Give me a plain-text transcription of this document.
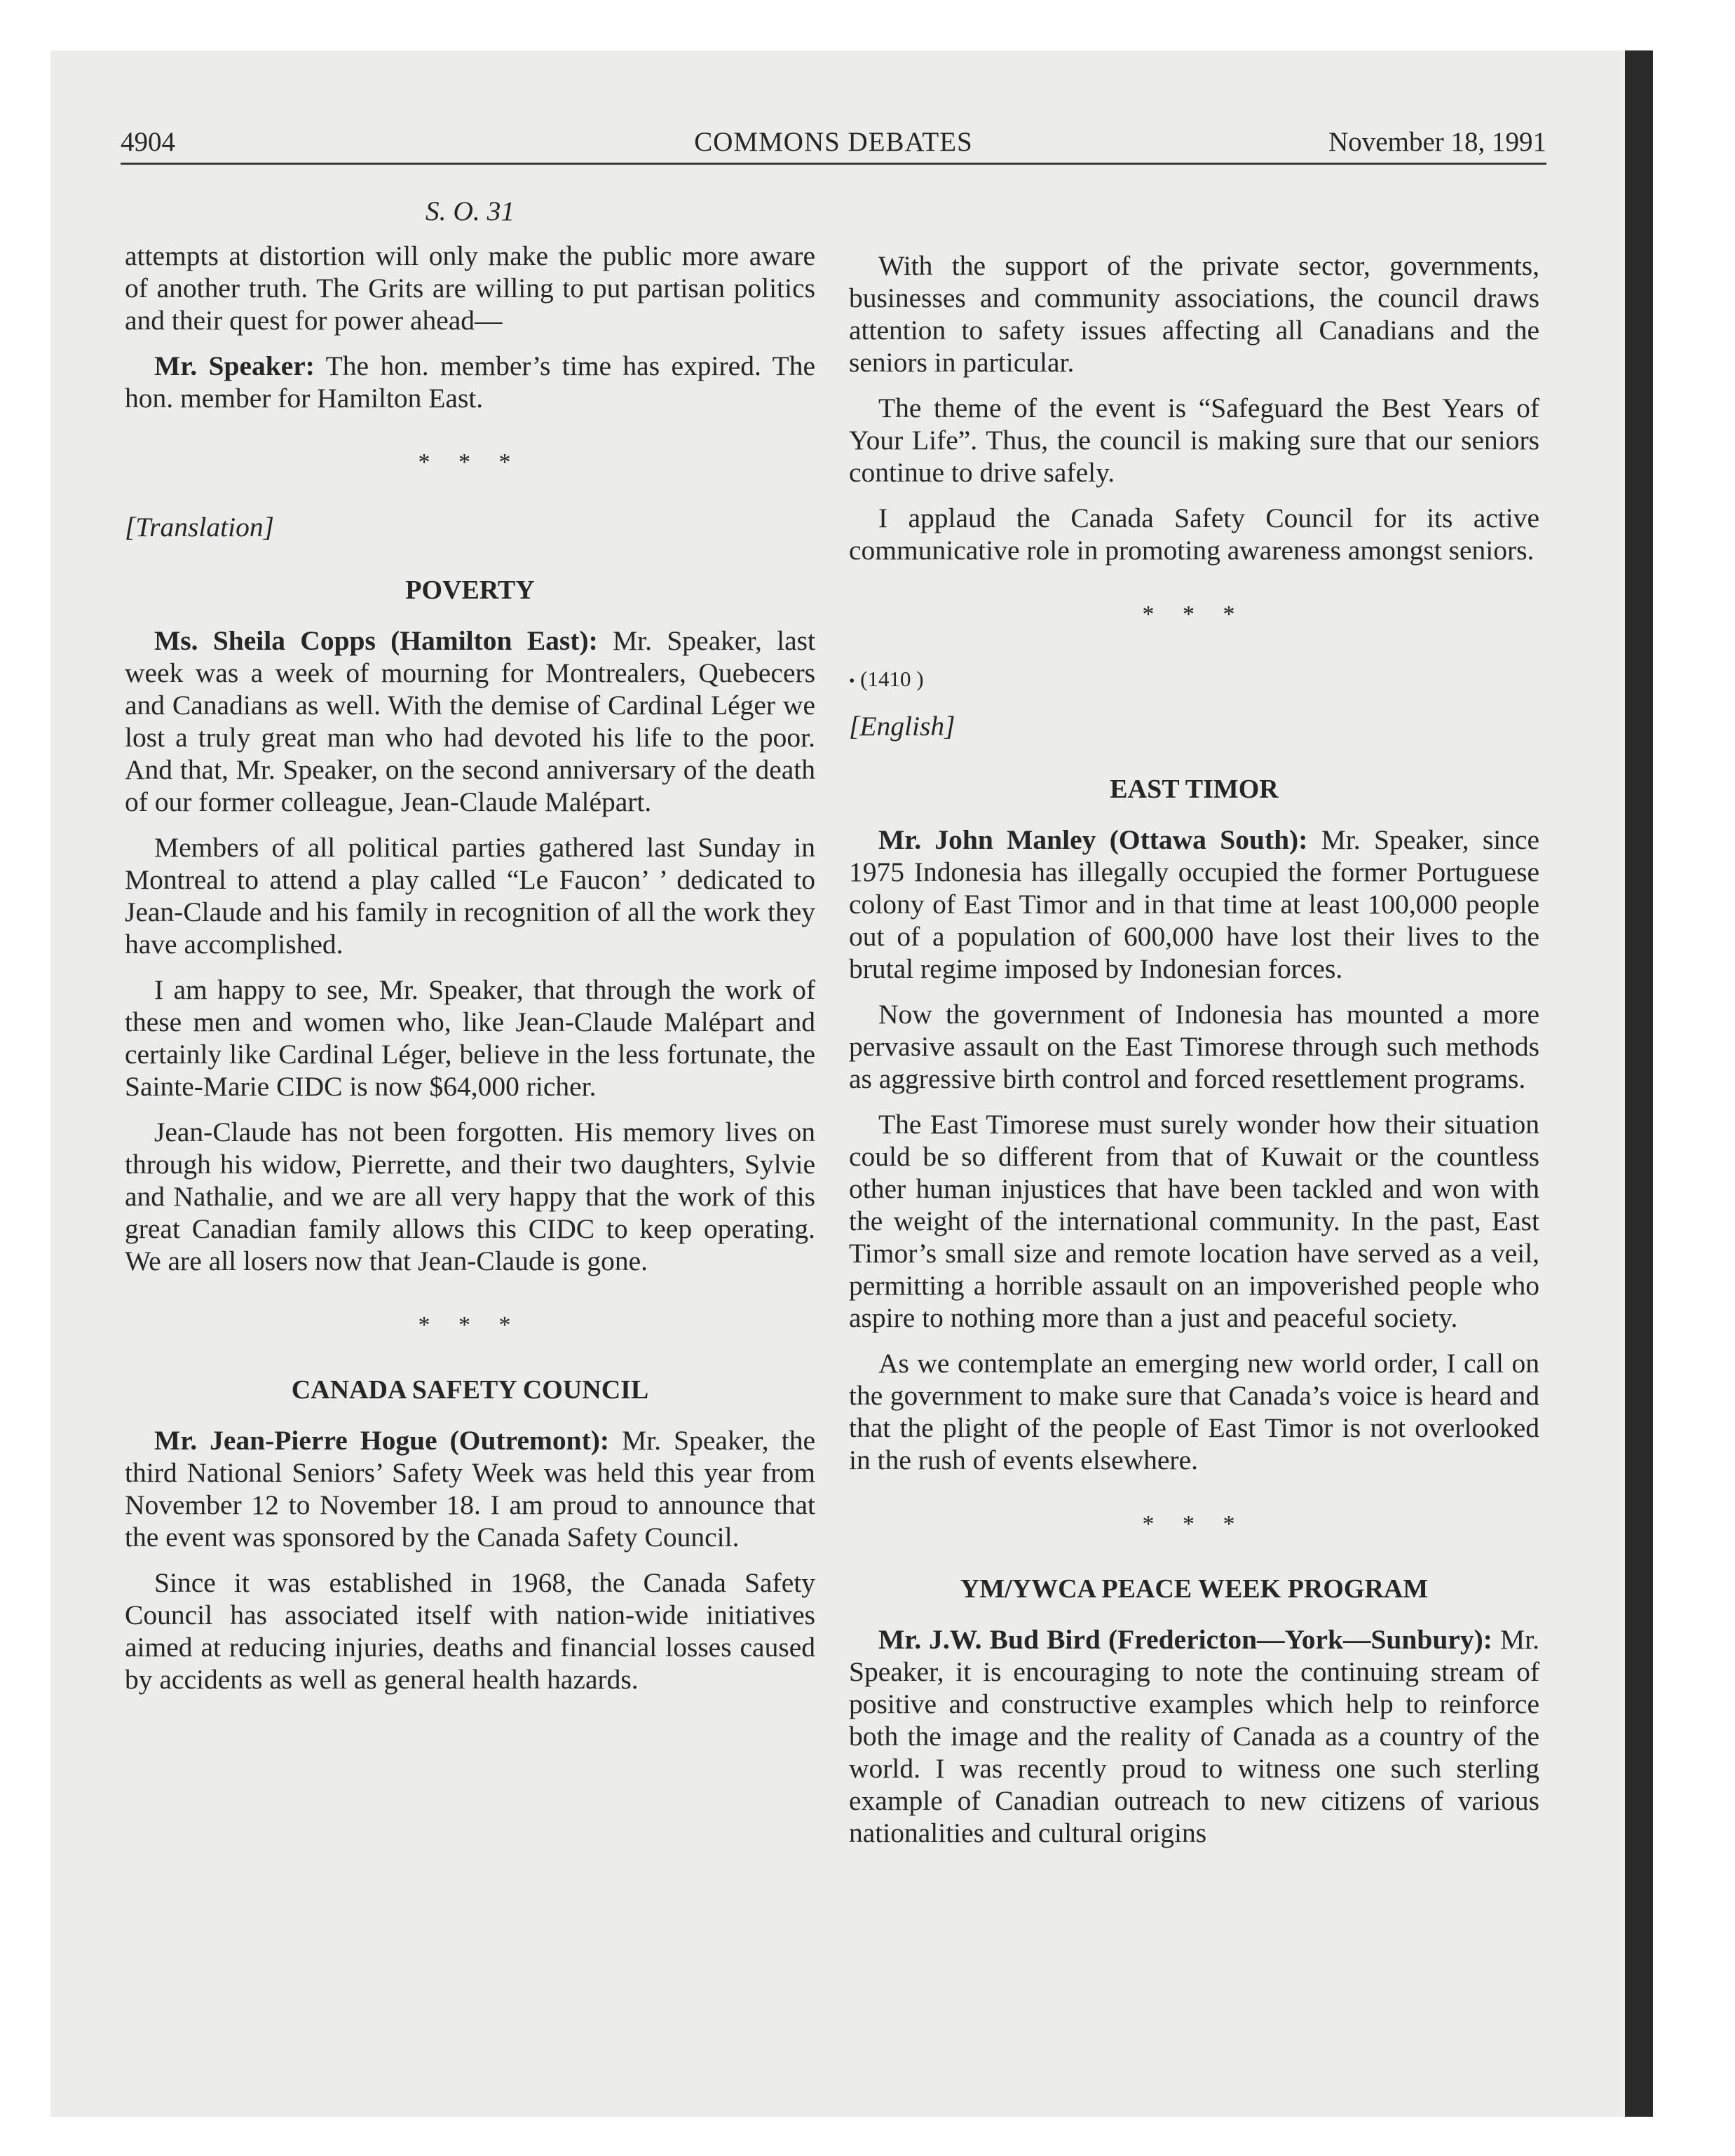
4904	COMMONS DEBATES	November 18, 1991
S. O. 31

attempts at distortion will only make the public more aware of another truth. The Grits are willing to put partisan politics and their quest for power ahead—

Mr. Speaker: The hon. member’s time has expired. The hon. member for Hamilton East.

* * *

[Translation]

POVERTY

Ms. Sheila Copps (Hamilton East): Mr. Speaker, last week was a week of mourning for Montrealers, Quebecers and Canadians as well. With the demise of Cardinal Léger we lost a truly great man who had devoted his life to the poor. And that, Mr. Speaker, on the second anniversary of the death of our former colleague, Jean-Claude Malépart.

Members of all political parties gathered last Sunday in Montreal to attend a play called “Le Faucon’ ’ dedicated to Jean-Claude and his family in recognition of all the work they have accomplished.

I am happy to see, Mr. Speaker, that through the work of these men and women who, like Jean-Claude Malépart and certainly like Cardinal Léger, believe in the less fortunate, the Sainte-Marie CIDC is now $64,000 richer.

Jean-Claude has not been forgotten. His memory lives on through his widow, Pierrette, and their two daughters, Sylvie and Nathalie, and we are all very happy that the work of this great Canadian family allows this CIDC to keep operating. We are all losers now that Jean-Claude is gone.

* * *
CANADA SAFETY COUNCIL

Mr. Jean-Pierre Hogue (Outremont): Mr. Speaker, the third National Seniors’ Safety Week was held this year from November 12 to November 18. I am proud to announce that the event was sponsored by the Canada Safety Council.

Since it was established in 1968, the Canada Safety Council has associated itself with nation-wide initiatives aimed at reducing injuries, deaths and financial losses caused by accidents as well as general health hazards.

With the support of the private sector, governments, businesses and community associations, the council draws attention to safety issues affecting all Canadians and the seniors in particular.

The theme of the event is “Safeguard the Best Years of Your Life”. Thus, the council is making sure that our seniors continue to drive safely.

I applaud the Canada Safety Council for its active communicative role in promoting awareness amongst seniors.

* * *
• (1410 )

[English]

EAST TIMOR

Mr. John Manley (Ottawa South): Mr. Speaker, since 1975 Indonesia has illegally occupied the former Portuguese colony of East Timor and in that time at least 100,000 people out of a population of 600,000 have lost their lives to the brutal regime imposed by Indonesian forces.

Now the government of Indonesia has mounted a more pervasive assault on the East Timorese through such methods as aggressive birth control and forced resettlement programs.

The East Timorese must surely wonder how their situation could be so different from that of Kuwait or the countless other human injustices that have been tackled and won with the weight of the international community. In the past, East Timor’s small size and remote location have served as a veil, permitting a horrible assault on an impoverished people who aspire to nothing more than a just and peaceful society.

As we contemplate an emerging new world order, I call on the government to make sure that Canada’s voice is heard and that the plight of the people of East Timor is not overlooked in the rush of events elsewhere.

* * *
YM/YWCA PEACE WEEK PROGRAM

Mr. J.W. Bud Bird (Fredericton—York—Sunbury): Mr. Speaker, it is encouraging to note the continuing stream of positive and constructive examples which help to reinforce both the image and the reality of Canada as a country of the world. I was recently proud to witness one such sterling example of Canadian outreach to new citizens of various nationalities and cultural origins
